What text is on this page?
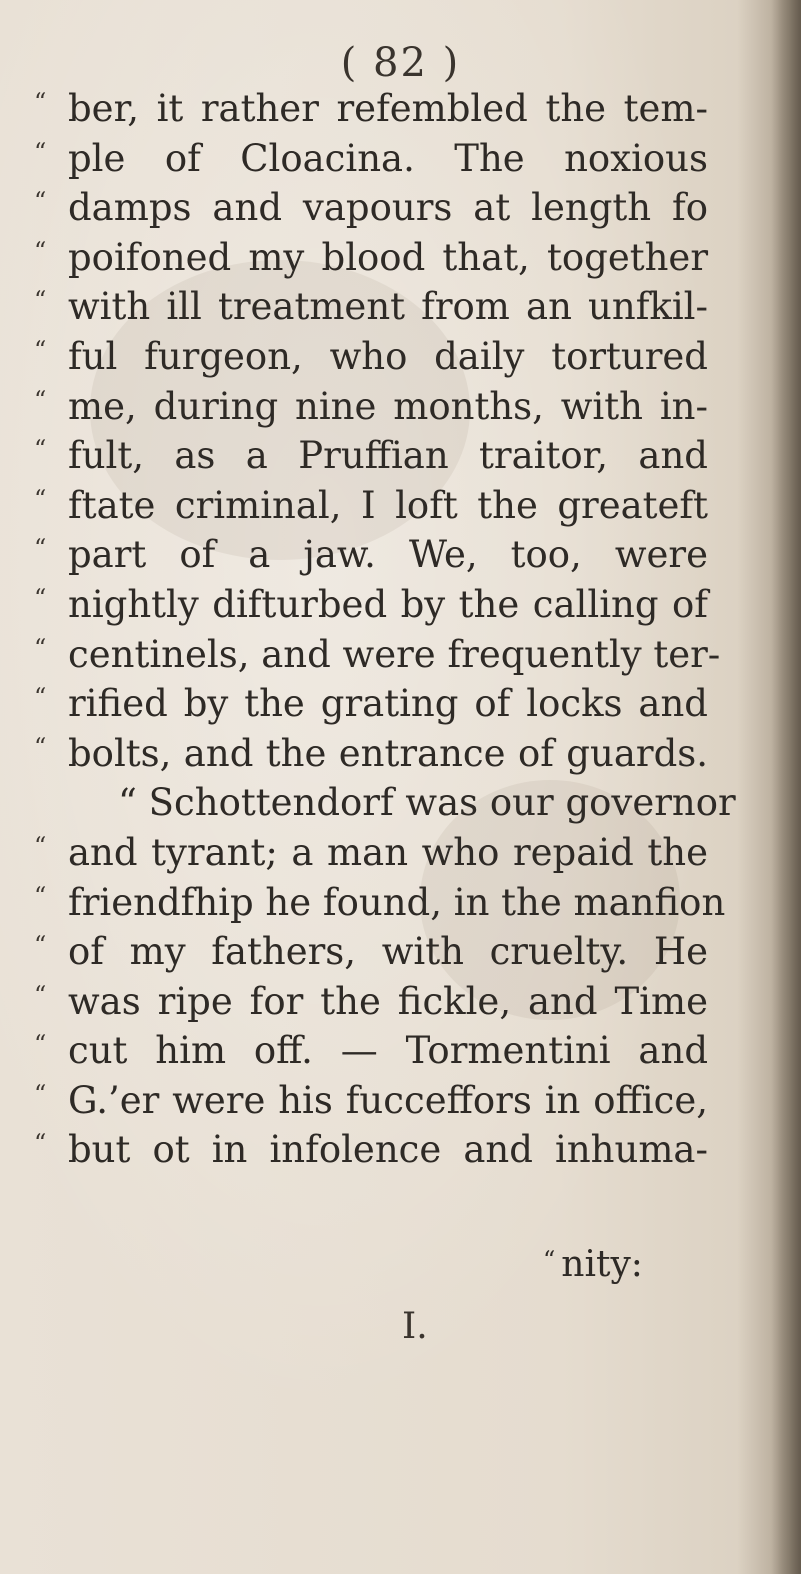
( 82 )
“ ber, it rather refembled the tem-
“ ple of Cloacina. The noxious
“ damps and vapours at length fo
“ poifoned my blood that, together
“ with ill treatment from an unfkil-
“ ful furgeon, who daily tortured
“ me, during nine months, with in-
“ fult, as a Pruffian traitor, and
“ ftate criminal, I loft the greateft
“ part of a jaw. We, too, were
“ nightly difturbed by the calling of
“ centinels, and were frequently ter-
“ rified by the grating of locks and
“ bolts, and the entrance of guards.
“ Schottendorf was our governor
“ and tyrant; a man who repaid the
“ friendfhip he found, in the manfion
“ of my fathers, with cruelty. He
“ was ripe for the fickle, and Time
“ cut him off. — Tormentini and
“ G.’er were his fucceffors in office,
“ but ot in infolence and inhuma-
“ nity:
I.
